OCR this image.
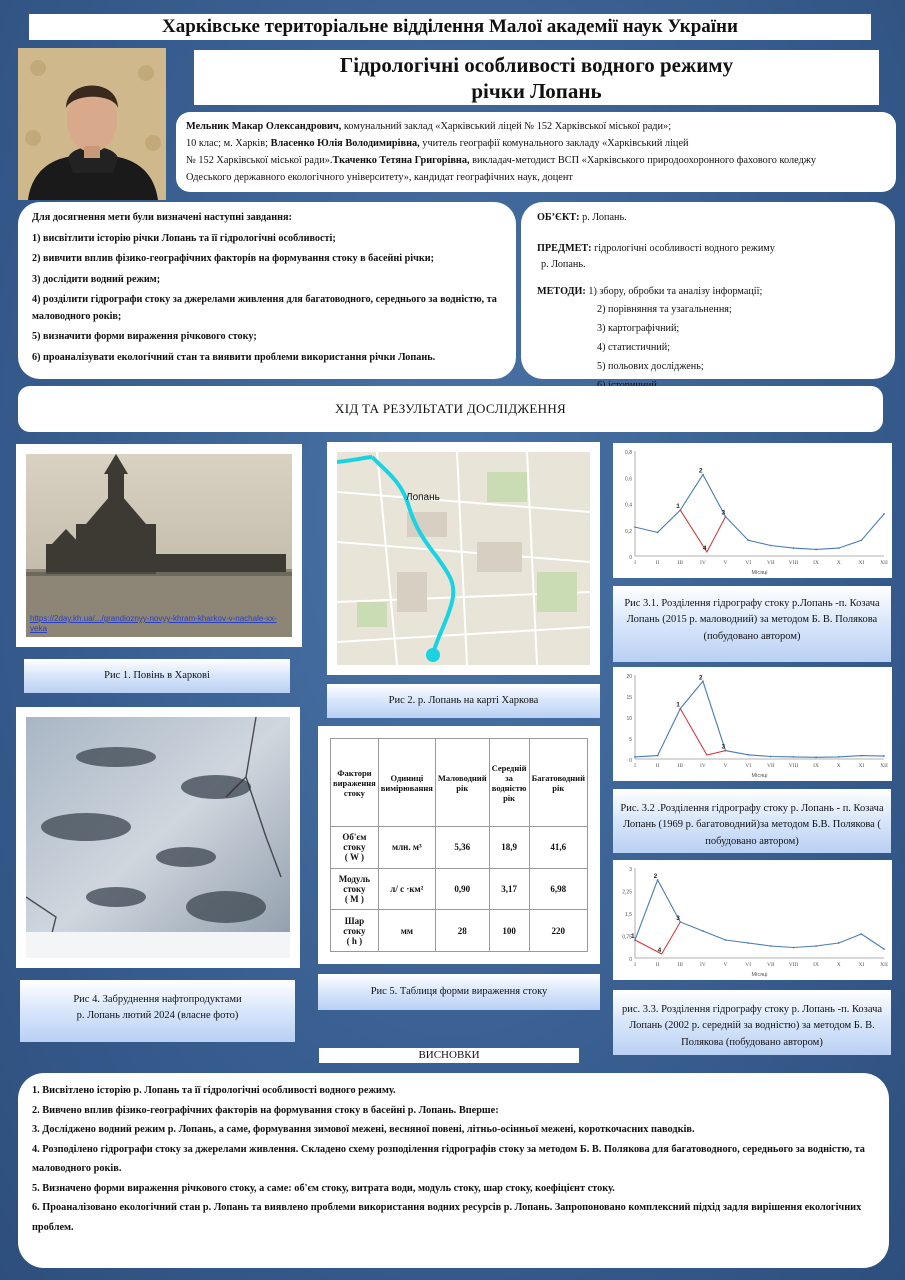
Харківське територіальне відділення Малої академії наук України
Гідрологічні особливості водного режиму
річки Лопань
Мельник Макар Олександрович, комунальний заклад «Харківський ліцей № 152 Харківської міської ради»;
10 клас; м. Харків; Власенко Юлія Володимирівна, учитель географії комунального закладу «Харківський ліцей
№ 152 Харківської міської ради».Ткаченко Тетяна Григорівна, викладач-методист ВСП «Харківського природоохоронного фахового коледжу
Одеського державного екологічного університету», кандидат географічних наук, доцент

Для досягнення мети були визначені наступні завдання:

1) висвітлити історію річки Лопань та її гідрологічні особливості;

2) вивчити вплив фізико-географічних факторів на формування стоку в басейні річки;

3) дослідити водний режим;

4) розділити гідрографи стоку за джерелами живлення для багатоводного, середнього за водністю, та маловодного років;

5) визначити форми вираження річкового стоку;

6) проаналізувати екологічний стан та виявити проблеми використання річки Лопань.

ОБ’ЄКТ: р. Лопань.
ПРЕДМЕТ: гідрологічні особливості водного режиму
р. Лопань.
МЕТОДИ: 1) зборy, обробки та аналізу інформації;
2) порівняння та узагальнення;
3) картографічний;
4) статистичний;
5) польових досліджень;
ХІД ТА РЕЗУЛЬТАТИ ДОСЛІДЖЕННЯ
https://2day.kh.ua/.../grandioznyy-novyy-khram-kharkov-v-nachale-xx-veka
Рис 1. Повінь в Харкові
Лопань
Рис 2. р. Лопань на карті Харкова
Рис 4. Забруднення нафтопродуктами
р. Лопань лютий 2024 (власне фото)
Фактори вираження стоку	Одиниці вимірювання	Маловодний рік	Середній за водністю рік	Багатоводний рік
Об'єм стоку
( W )	млн. м³	5,36	18,9	41,6
Модуль стоку
( M )	л/ с ·км²	0,90	3,17	6,98
Шар стоку
( h )	мм	28	100	220
Рис 5. Таблиця форми вираження стоку
0
0,2
0,4
0,6
0,8
I	II	III	IV	V	VI	VII	VIII	IX	X	XI	XII
Місяці
1
2
3
4
Рис 3.1. Розділення гідрографу стоку р.Лопань -п. Козача Лопань (2015 р. маловодний) за методом Б. В. Полякова (побудовано автором)
0
5
10
15
20
I	II	III	IV	V	VI	VII	VIII	IX	X	XI	XII
Місяці
1
2
3
Рис. 3.2 .Розділення гідрографу стоку р. Лопань - п. Козача Лопань (1969 р. багатоводний)за методом Б.В. Полякова ( побудовано автором)
0
0,75
1,5
2,25
3
I	II	III	IV	V	VI	VII	VIII	IX	X	XI	XII
Місяці
1
2
3
4
рис. 3.3. Розділення гідрографу стоку р. Лопань -п. Козача Лопань (2002 р. середній за водністю) за методом Б. В. Полякова (побудовано автором)
ВИСНОВКИ

1. Висвітлено історію р. Лопань та її гідрологічні особливості водного режиму.

2. Вивчено вплив фізико-географічних факторів на формування стоку в басейні р. Лопань. Вперше:

3. Досліджено водний режим р. Лопань, а саме, формування зимової межені, весняної повені, літньо-осінньої межені, короткочасних паводків.

4. Розподілено гідрографи стоку за джерелами живлення. Складено схему розподілення гідрографів стоку за методом Б. В. Полякова для багатоводного, середнього за водністю, та маловодного років.

5. Визначено форми вираження річкового стоку, а саме: об'єм стоку, витрата води, модуль стоку, шар стоку, коефіцієнт стоку.

6. Проаналізовано екологічний стан р. Лопань та виявлено проблеми використання водних ресурсів р. Лопань. Запропоновано комплексний підхід задля вирішення екологічних проблем.
